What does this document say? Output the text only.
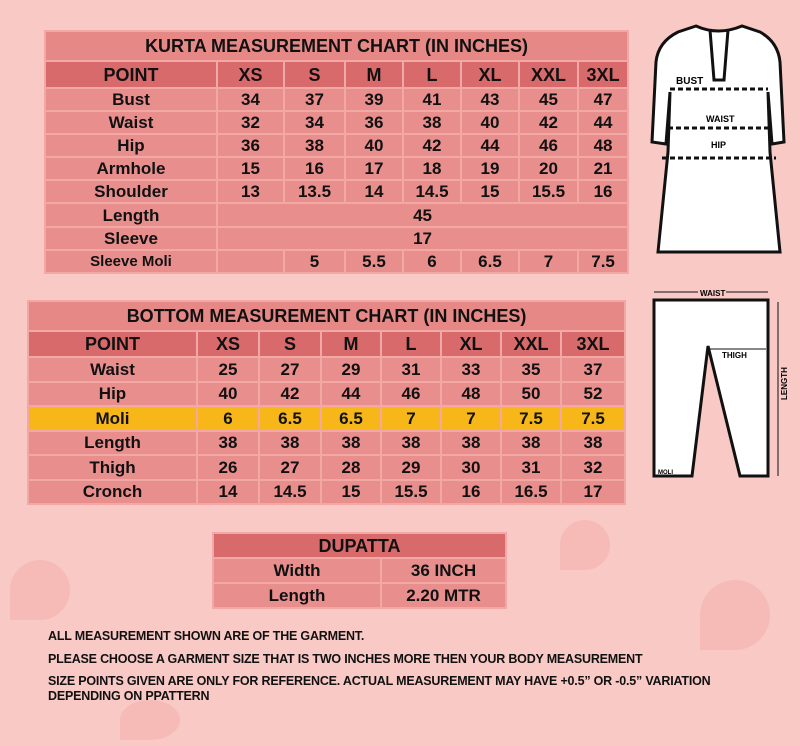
KURTA MEASUREMENT CHART (IN INCHES)							
POINT	XS	S	M	L	XL	XXL	3XL
Bust	34	37	39	41	43	45	47
Waist	32	34	36	38	40	42	44
Hip	36	38	40	42	44	46	48
Armhole	15	16	17	18	19	20	21
Shoulder	13	13.5	14	14.5	15	15.5	16
Length	45						
Sleeve	17						
Sleeve Moli		5	5.5	6	6.5	7	7.5
BOTTOM MEASUREMENT CHART (IN INCHES)							
POINT	XS	S	M	L	XL	XXL	3XL
Waist	25	27	29	31	33	35	37
Hip	40	42	44	46	48	50	52
Moli	6	6.5	6.5	7	7	7.5	7.5
Length	38	38	38	38	38	38	38
Thigh	26	27	28	29	30	31	32
Cronch	14	14.5	15	15.5	16	16.5	17
DUPATTA	
Width	36 INCH
Length	2.20 MTR
BUST
WAIST
HIP
WAIST
THIGH
LENGTH
MOLI
ALL MEASUREMENT SHOWN ARE OF THE GARMENT.
PLEASE CHOOSE A GARMENT SIZE THAT IS TWO INCHES MORE THEN YOUR BODY MEASUREMENT
SIZE POINTS GIVEN ARE ONLY FOR REFERENCE. ACTUAL MEASUREMENT MAY HAVE +0.5” OR -0.5” VARIATION
DEPENDING ON PPATTERN
